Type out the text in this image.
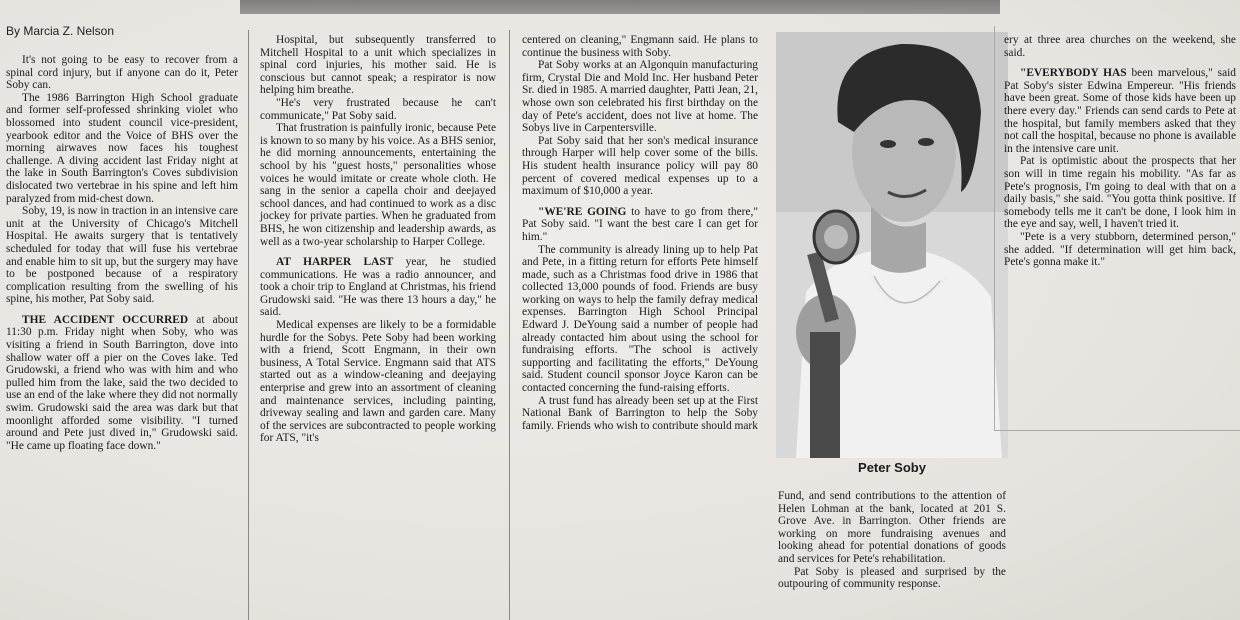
By Marcia Z. Nelson

It's not going to be easy to recover from a spinal cord injury, but if anyone can do it, Peter Soby can.

The 1986 Barrington High School graduate and former self-professed shrinking violet who blossomed into student council vice-president, yearbook editor and the Voice of BHS over the morning airwaves now faces his toughest challenge. A diving accident last Friday night at the lake in South Barrington's Coves subdivision dislocated two vertebrae in his spine and left him paralyzed from mid-chest down.

Soby, 19, is now in traction in an intensive care unit at the University of Chicago's Mitchell Hospital. He awaits surgery that is tentatively scheduled for today that will fuse his vertebrae and enable him to sit up, but the surgery may have to be postponed because of a respiratory complication resulting from the swelling of his spine, his mother, Pat Soby said.

THE ACCIDENT OCCURRED at about 11:30 p.m. Friday night when Soby, who was visiting a friend in South Barrington, dove into shallow water off a pier on the Coves lake. Ted Grudowski, a friend who was with him and who pulled him from the lake, said the two decided to use an end of the lake where they did not normally swim. Grudowski said the area was dark but that moonlight afforded some visibility. "I turned around and Pete just dived in," Grudowski said. "He came up floating face down."

Hospital, but subsequently transferred to Mitchell Hospital to a unit which specializes in spinal cord injuries, his mother said. He is conscious but cannot speak; a respirator is now helping him breathe.

"He's very frustrated because he can't communicate," Pat Soby said.

That frustration is painfully ironic, because Pete is known to so many by his voice. As a BHS senior, he did morning announcements, entertaining the school by his "guest hosts," personalities whose voices he would imitate or create whole cloth. He sang in the senior a capella choir and deejayed school dances, and had continued to work as a disc jockey for private parties. When he graduated from BHS, he won citizenship and leadership awards, as well as a two-year scholarship to Harper College.

AT HARPER LAST year, he studied communications. He was a radio announcer, and took a choir trip to England at Christmas, his friend Grudowski said. "He was there 13 hours a day," he said.

Medical expenses are likely to be a formidable hurdle for the Sobys. Pete Soby had been working with a friend, Scott Engmann, in their own business, A Total Service. Engmann said that ATS started out as a window-cleaning and deejaying enterprise and grew into an assortment of cleaning and maintenance services, including painting, driveway sealing and lawn and garden care. Many of the services are subcontracted to people working for ATS, "it's

centered on cleaning," Engmann said. He plans to continue the business with Soby.

Pat Soby works at an Algonquin manufacturing firm, Crystal Die and Mold Inc. Her husband Peter Sr. died in 1985. A married daughter, Patti Jean, 21, whose own son celebrated his first birthday on the day of Pete's accident, does not live at home. The Sobys live in Carpentersville.

Pat Soby said that her son's medical insurance through Harper will help cover some of the bills. His student health insurance policy will pay 80 percent of covered medical expenses up to a maximum of $10,000 a year.

"WE'RE GOING to have to go from there," Pat Soby said. "I want the best care I can get for him."

The community is already lining up to help Pat and Pete, in a fitting return for efforts Pete himself made, such as a Christmas food drive in 1986 that collected 13,000 pounds of food. Friends are busy working on ways to help the family defray medical expenses. Barrington High School Principal Edward J. DeYoung said a number of people had already contacted him about using the school for fundraising efforts. "The school is actively supporting and facilitating the efforts," DeYoung said. Student council sponsor Joyce Karon can be contacted concerning the fund-raising efforts.

A trust fund has already been set up at the First National Bank of Barrington to help the Soby family. Friends who wish to contribute should mark

Peter Soby

Fund, and send contributions to the attention of Helen Lohman at the bank, located at 201 S. Grove Ave. in Barrington. Other friends are working on more fundraising avenues and looking ahead for potential donations of goods and services for Pete's rehabilitation.

Pat Soby is pleased and surprised by the outpouring of community response.

ery at three area churches on the weekend, she said.

"EVERYBODY HAS been marvelous," said Pat Soby's sister Edwina Empereur. "His friends have been great. Some of those kids have been up there every day." Friends can send cards to Pete at the hospital, but family members asked that they not call the hospital, because no phone is available in the intensive care unit.

Pat is optimistic about the prospects that her son will in time regain his mobility. "As far as Pete's prognosis, I'm going to deal with that on a daily basis," she said. "You gotta think positive. If somebody tells me it can't be done, I look him in the eye and say, well, I haven't tried it.

"Pete is a very stubborn, determined person," she added. "If determination will get him back, Pete's gonna make it."
